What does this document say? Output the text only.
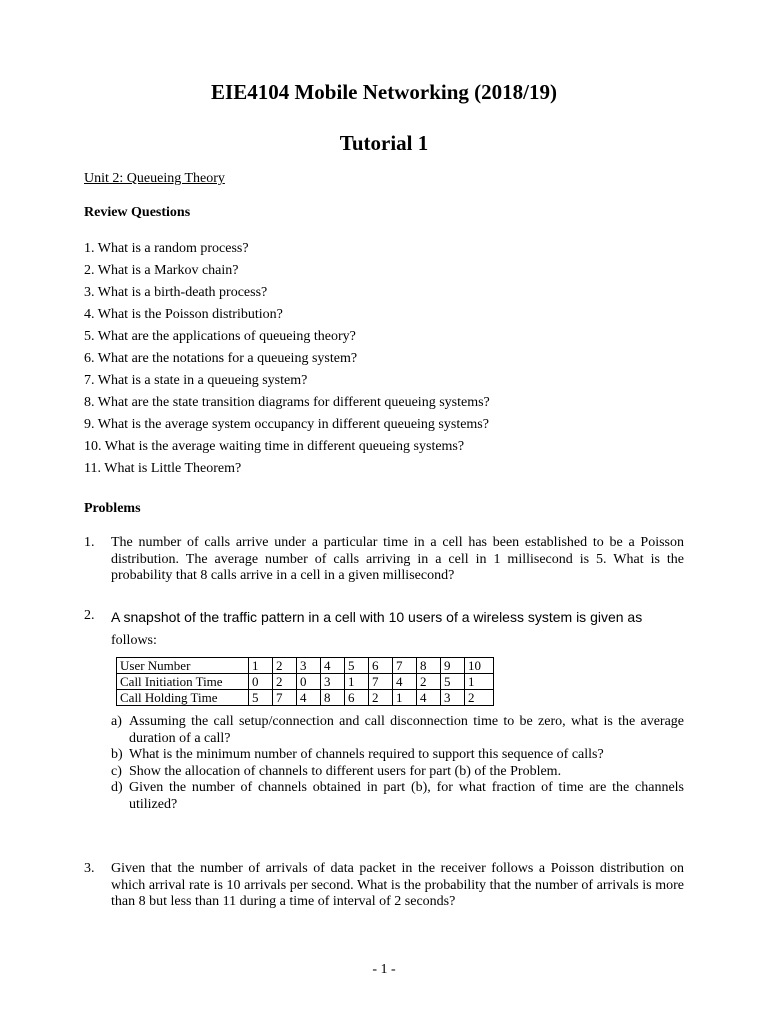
EIE4104 Mobile Networking (2018/19)
Tutorial 1
Unit 2: Queueing Theory
Review Questions
1. What is a random process?
2. What is a Markov chain?
3. What is a birth-death process?
4. What is the Poisson distribution?
5. What are the applications of queueing theory?
6. What are the notations for a queueing system?
7. What is a state in a queueing system?
8. What are the state transition diagrams for different queueing systems?
9. What is the average system occupancy in different queueing systems?
10. What is the average waiting time in different queueing systems?
11. What is Little Theorem?
Problems
1. The number of calls arrive under a particular time in a cell has been established to be a Poisson distribution. The average number of calls arriving in a cell in 1 millisecond is 5. What is the probability that 8 calls arrive in a cell in a given millisecond?
2. A snapshot of the traffic pattern in a cell with 10 users of a wireless system is given as
follows:
User Number	1	2	3	4	5	6	7	8	9	10
Call Initiation Time	0	2	0	3	1	7	4	2	5	1
Call Holding Time	5	7	4	8	6	2	1	4	3	2
a) Assuming the call setup/connection and call disconnection time to be zero, what is the average duration of a call?
b) What is the minimum number of channels required to support this sequence of calls?
c) Show the allocation of channels to different users for part (b) of the Problem.
d) Given the number of channels obtained in part (b), for what fraction of time are the channels utilized?
3. Given that the number of arrivals of data packet in the receiver follows a Poisson distribution on which arrival rate is 10 arrivals per second. What is the probability that the number of arrivals is more than 8 but less than 11 during a time of interval of 2 seconds?
- 1 -
